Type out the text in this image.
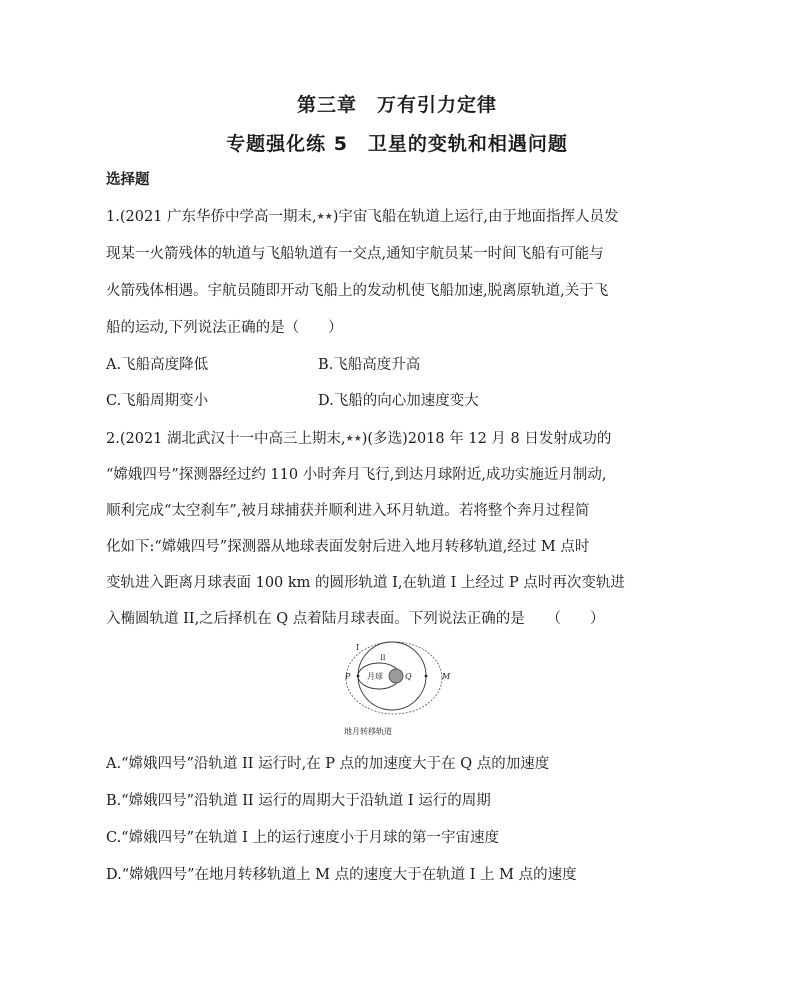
第三章　万有引力定律
专题强化练 5　卫星的变轨和相遇问题
选择题
1.(2021 广东华侨中学高一期末,★★)宇宙飞船在轨道上运行,由于地面指挥人员发
现某一火箭残体的轨道与飞船轨道有一交点,通知宇航员某一时间飞船有可能与
火箭残体相遇。宇航员随即开动飞船上的发动机使飞船加速,脱离原轨道,关于飞
船的运动,下列说法正确的是（　　）
A.飞船高度降低	B.飞船高度升高
C.飞船周期变小	D.飞船的向心加速度变大
2.(2021 湖北武汉十一中高三上期末,★★)(多选)2018 年 12 月 8 日发射成功的
“嫦娥四号”探测器经过约 110 小时奔月飞行,到达月球附近,成功实施近月制动,
顺利完成“太空刹车”,被月球捕获并顺利进入环月轨道。若将整个奔月过程简
化如下:“嫦娥四号”探测器从地球表面发射后进入地月转移轨道,经过 M 点时
变轨进入距离月球表面 100 km 的圆形轨道 I,在轨道 I 上经过 P 点时再次变轨进
入椭圆轨道 II,之后择机在 Q 点着陆月球表面。下列说法正确的是　　（　　）
I
II
P 月球	Q	M
地月转移轨道
A.“嫦娥四号”沿轨道 II 运行时,在 P 点的加速度大于在 Q 点的加速度
B.“嫦娥四号”沿轨道 II 运行的周期大于沿轨道 I 运行的周期
C.“嫦娥四号”在轨道 I 上的运行速度小于月球的第一宇宙速度
D.“嫦娥四号”在地月转移轨道上 M 点的速度大于在轨道 I 上 M 点的速度
